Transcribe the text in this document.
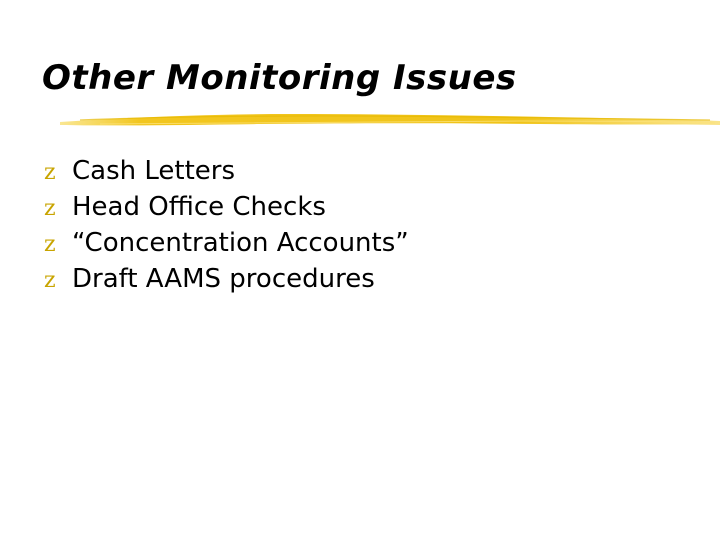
Other Monitoring Issues
z Cash Letters
z Head Office Checks
z “Concentration Accounts”
z Draft AAMS procedures
